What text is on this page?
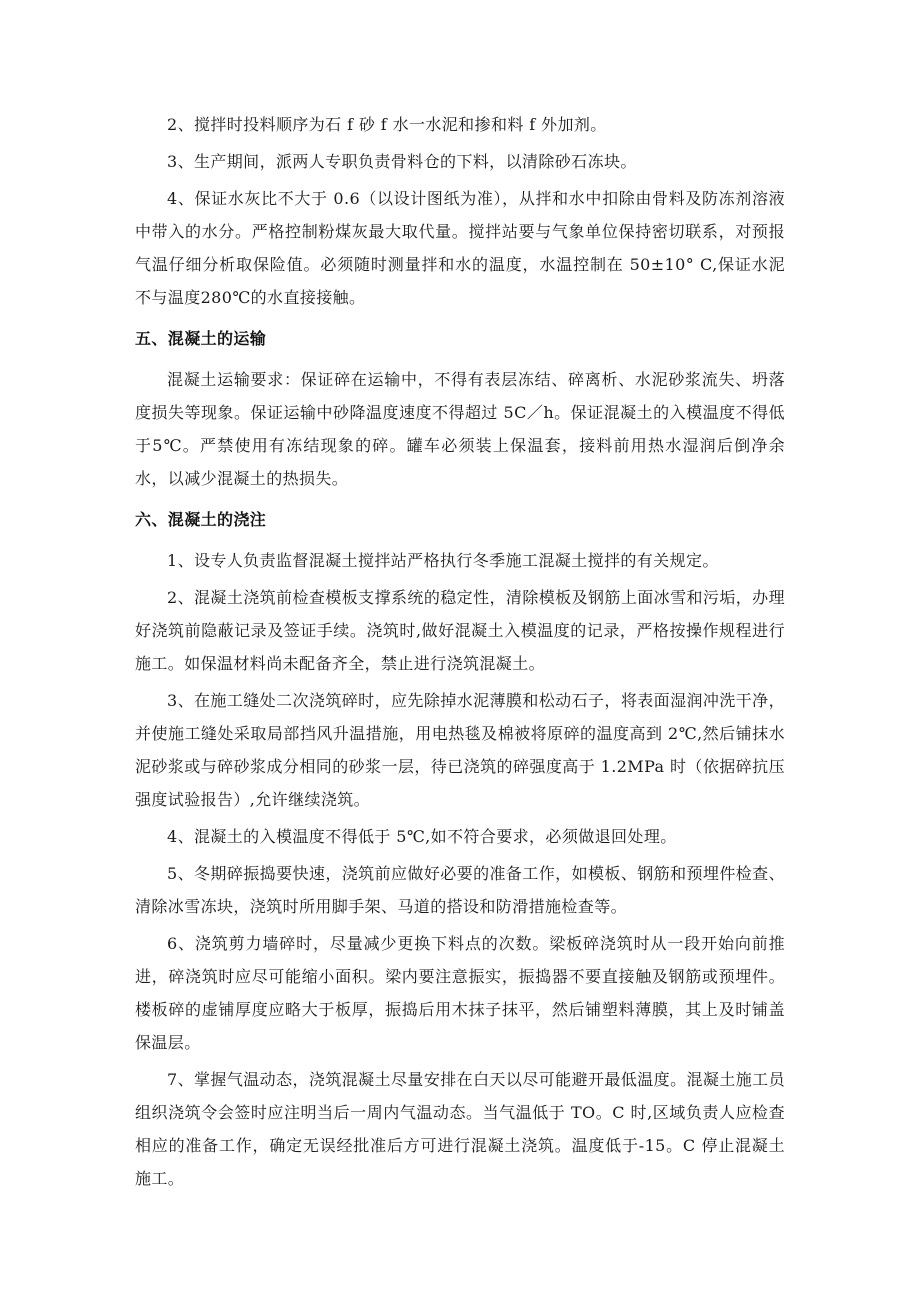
2、搅拌时投料顺序为石 f 砂 f 水一水泥和掺和料 f 外加剂。

3、生产期间，派两人专职负责骨料仓的下料，以清除砂石冻块。

4、保证水灰比不大于 0.6（以设计图纸为准），从拌和水中扣除由骨料及防冻剂溶液中带入的水分。严格控制粉煤灰最大取代量。搅拌站要与气象单位保持密切联系，对预报气温仔细分析取保险值。必须随时测量拌和水的温度，水温控制在 50±10° C,保证水泥不与温度280℃的水直接接触。

五、混凝土的运输

混凝土运输要求：保证碎在运输中，不得有表层冻结、碎离析、水泥砂浆流失、坍落度损失等现象。保证运输中砂降温度速度不得超过 5C／h。保证混凝土的入模温度不得低于5℃。严禁使用有冻结现象的碎。罐车必须装上保温套，接料前用热水湿润后倒净余水，以减少混凝土的热损失。

六、混凝土的浇注

1、设专人负责监督混凝土搅拌站严格执行冬季施工混凝土搅拌的有关规定。

2、混凝土浇筑前检查模板支撑系统的稳定性，清除模板及钢筋上面冰雪和污垢，办理好浇筑前隐蔽记录及签证手续。浇筑时,做好混凝土入模温度的记录，严格按操作规程进行施工。如保温材料尚未配备齐全，禁止进行浇筑混凝土。

3、在施工缝处二次浇筑碎时，应先除掉水泥薄膜和松动石子，将表面湿润冲洗干净，并使施工缝处采取局部挡风升温措施，用电热毯及棉被将原碎的温度高到 2℃,然后铺抹水泥砂浆或与碎砂浆成分相同的砂浆一层，待已浇筑的碎强度高于 1.2MPa 时（依据碎抗压强度试验报告）,允许继续浇筑。

4、混凝土的入模温度不得低于 5℃,如不符合要求，必须做退回处理。

5、冬期碎振捣要快速，浇筑前应做好必要的准备工作，如模板、钢筋和预埋件检查、清除冰雪冻块，浇筑时所用脚手架、马道的搭设和防滑措施检查等。

6、浇筑剪力墙碎时，尽量减少更换下料点的次数。梁板碎浇筑时从一段开始向前推进，碎浇筑时应尽可能缩小面积。梁内要注意振实，振捣器不要直接触及钢筋或预埋件。楼板碎的虚铺厚度应略大于板厚，振捣后用木抹子抹平，然后铺塑料薄膜，其上及时铺盖保温层。

7、掌握气温动态，浇筑混凝土尽量安排在白天以尽可能避开最低温度。混凝土施工员组织浇筑令会签时应注明当后一周内气温动态。当气温低于 TO。C 时,区域负责人应检查相应的准备工作，确定无误经批准后方可进行混凝土浇筑。温度低于-15。C 停止混凝土施工。
